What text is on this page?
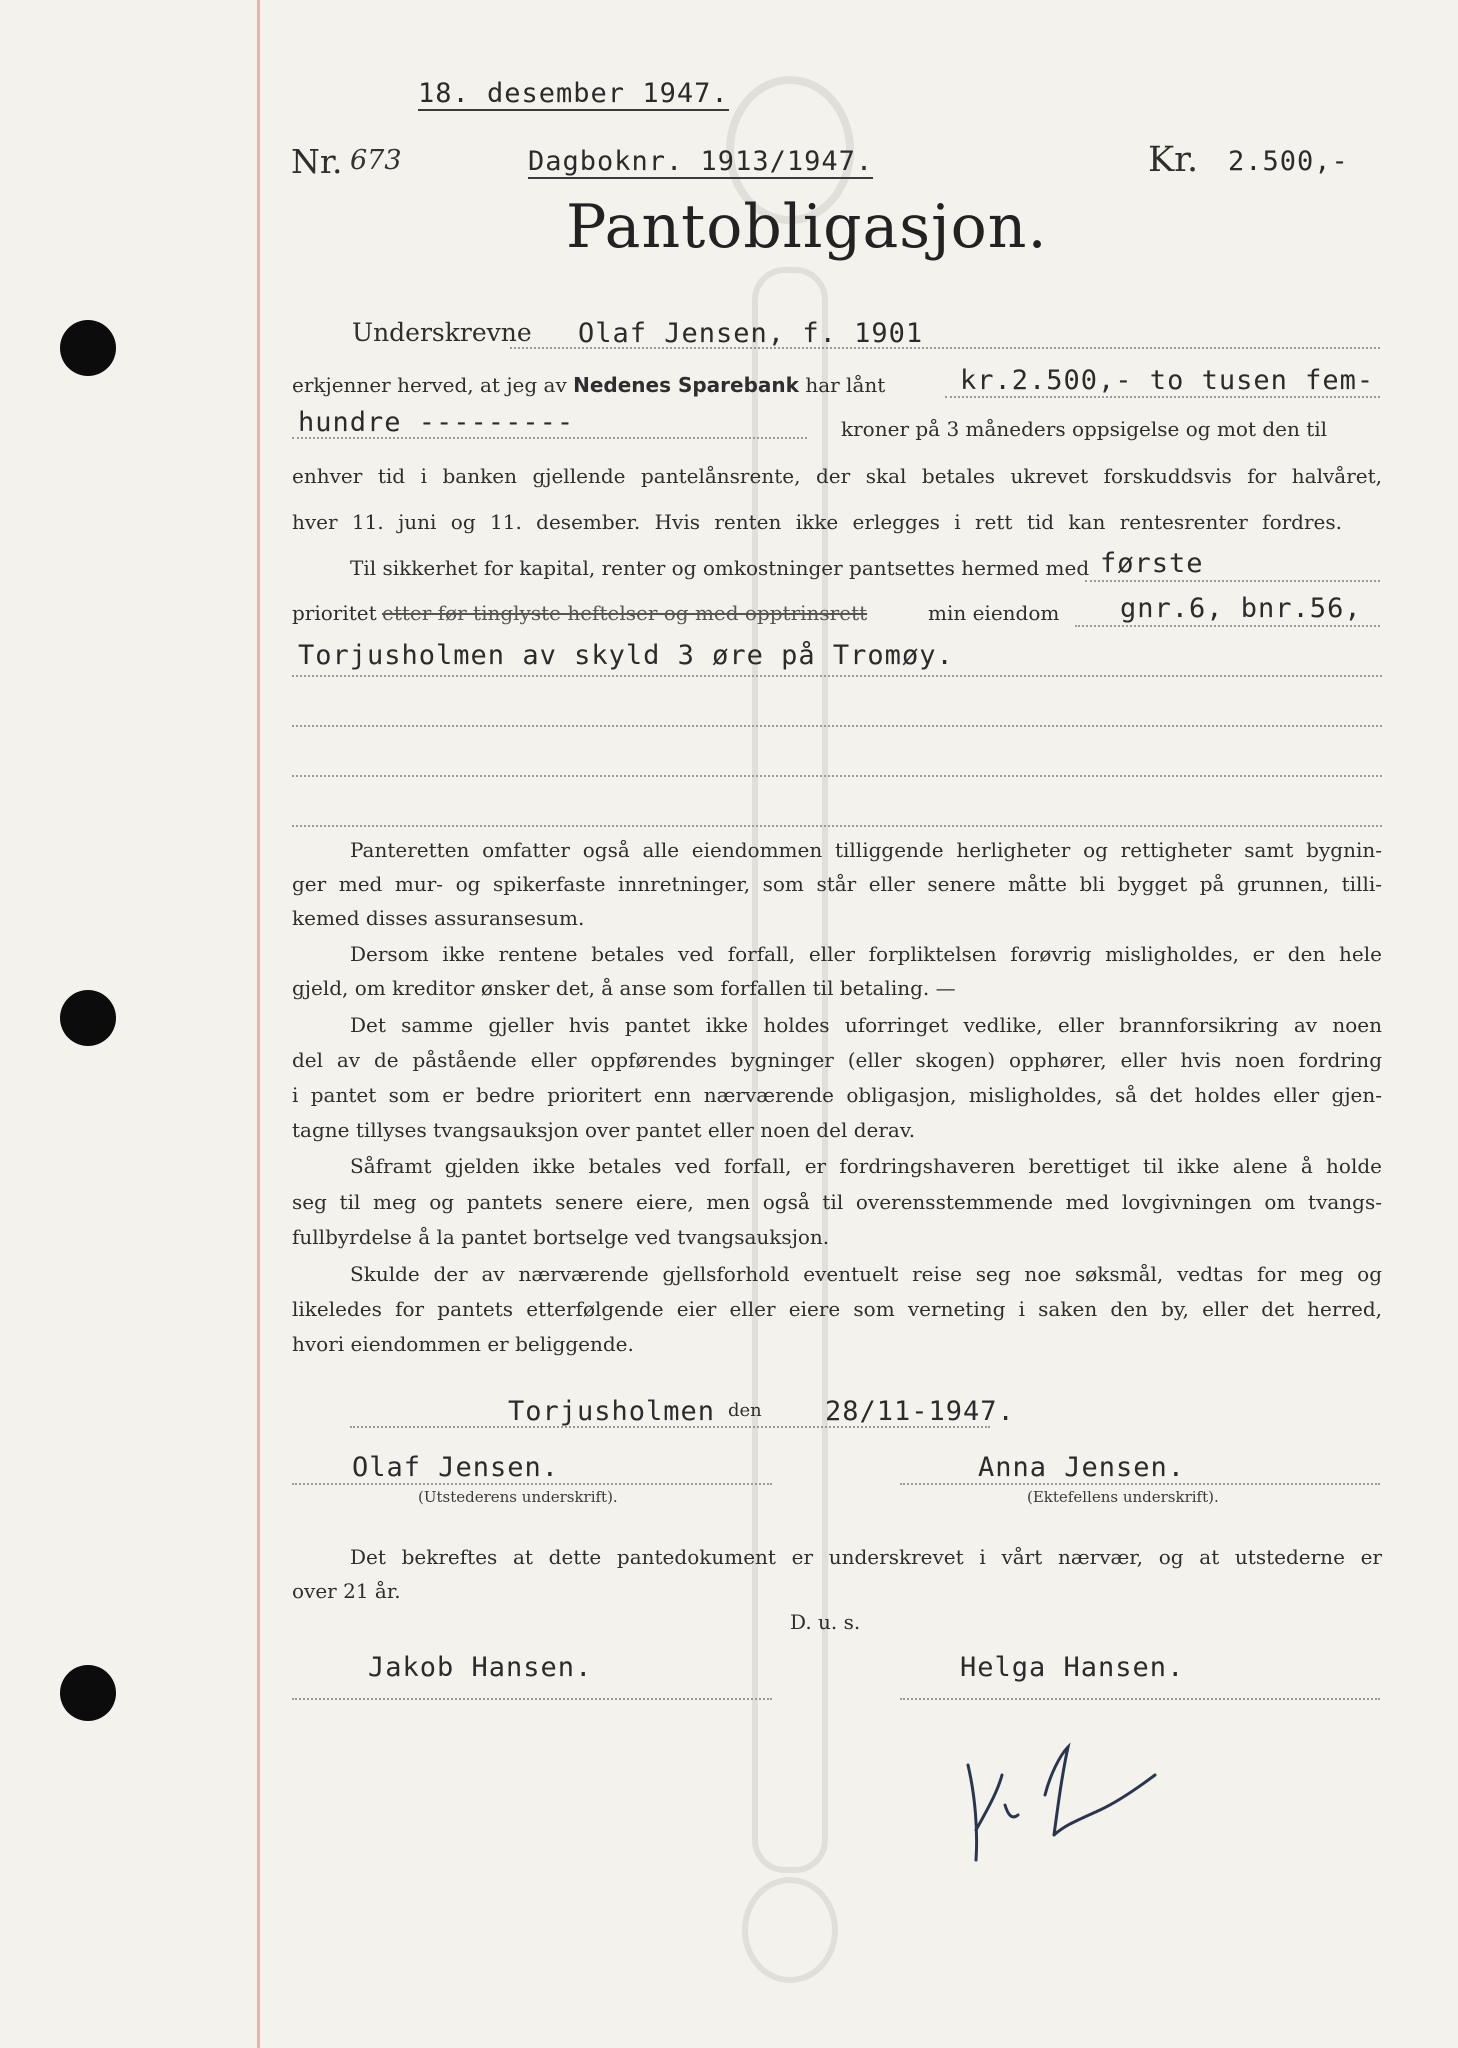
18. desember 1947.
Nr. 673	Dagboknr. 1913/1947.	Kr. 2.500,-
Pantobligasjon.
Underskrevne Olaf Jensen, f. 1901
erkjenner herved, at jeg av Nedenes Sparebank har lånt	kr.2.500,- to tusen fem-
hundre ---------	kroner på 3 måneders oppsigelse og mot den til
enhver tid i banken gjellende pantelånsrente, der skal betales ukrevet forskuddsvis for halvåret,
hver 11. juni og 11. desember. Hvis renten ikke erlegges i rett tid kan rentesrenter fordres.
Til sikkerhet for kapital, renter og omkostninger pantsettes hermed med første
prioritet etter før tinglyste heftelser og med opptrinsrett	min eiendom gnr.6, bnr.56,
Torjusholmen av skyld 3 øre på Tromøy.
Panteretten omfatter også alle eiendommen tilliggende herligheter og rettigheter samt bygnin-
ger med mur- og spikerfaste innretninger, som står eller senere måtte bli bygget på grunnen, tilli-
kemed disses assuransesum.
Dersom ikke rentene betales ved forfall, eller forpliktelsen forøvrig misligholdes, er den hele
gjeld, om kreditor ønsker det, å anse som forfallen til betaling. —
Det samme gjeller hvis pantet ikke holdes uforringet vedlike, eller brannforsikring av noen
del av de påstående eller oppførendes bygninger (eller skogen) opphører, eller hvis noen fordring
i pantet som er bedre prioritert enn nærværende obligasjon, misligholdes, så det holdes eller gjen-
tagne tillyses tvangsauksjon over pantet eller noen del derav.
Såframt gjelden ikke betales ved forfall, er fordringshaveren berettiget til ikke alene å holde
seg til meg og pantets senere eiere, men også til overensstemmende med lovgivningen om tvangs-
fullbyrdelse å la pantet bortselge ved tvangsauksjon.
Skulde der av nærværende gjellsforhold eventuelt reise seg noe søksmål, vedtas for meg og
likeledes for pantets etterfølgende eier eller eiere som verneting i saken den by, eller det herred,
hvori eiendommen er beliggende.
Torjusholmen den 28/11-1947.
Olaf Jensen.
(Utstederens underskrift).
Anna Jensen.
(Ektefellens underskrift).
Det bekreftes at dette pantedokument er underskrevet i vårt nærvær, og at utstederne er
over 21 år.
D. u. s.
Jakob Hansen.	Helga Hansen.
